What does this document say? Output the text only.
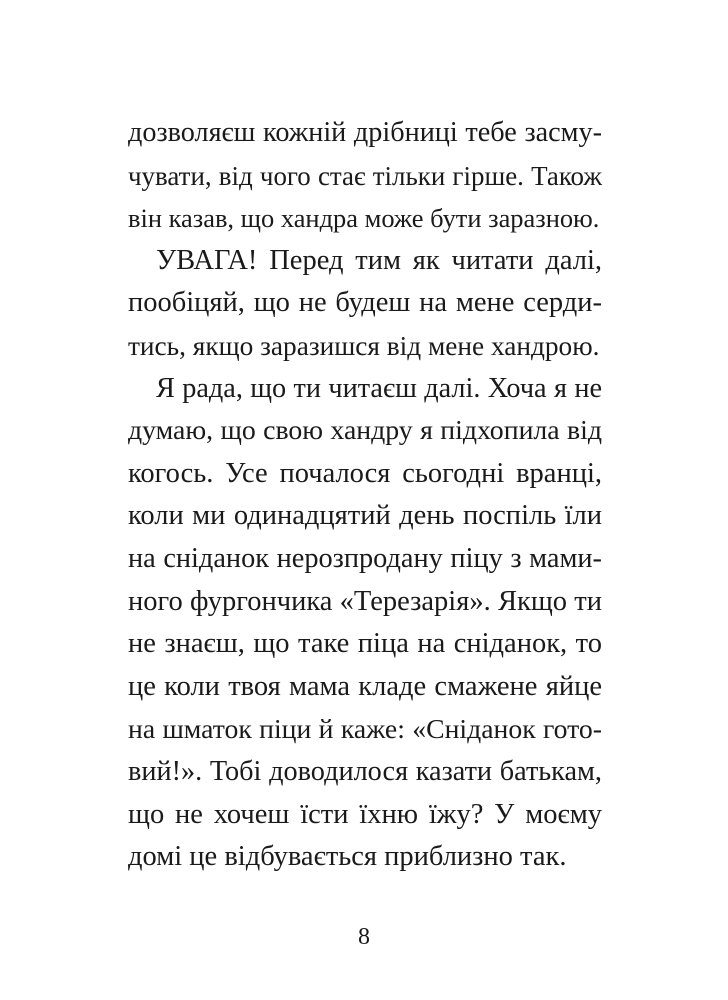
дозволяєш кожній дрібниці тебе засму-
чувати, від чого стає тільки гірше. Також
він казав, що хандра може бути заразною.
УВАГА! Перед тим як читати далі,
пообіцяй, що не будеш на мене серди-
тись, якщо заразишся від мене хандрою.
Я рада, що ти читаєш далі. Хоча я не
думаю, що свою хандру я підхопила від
когось. Усе почалося сьогодні вранці,
коли ми одинадцятий день поспіль їли
на сніданок нерозпродану піцу з мами-
ного фургончика «Терезарія». Якщо ти
не знаєш, що таке піца на сніданок, то
це коли твоя мама кладе смажене яйце
на шматок піци й каже: «Сніданок гото-
вий!». Тобі доводилося казати батькам,
що не хочеш їсти їхню їжу? У моєму
домі це відбувається приблизно так.
8
